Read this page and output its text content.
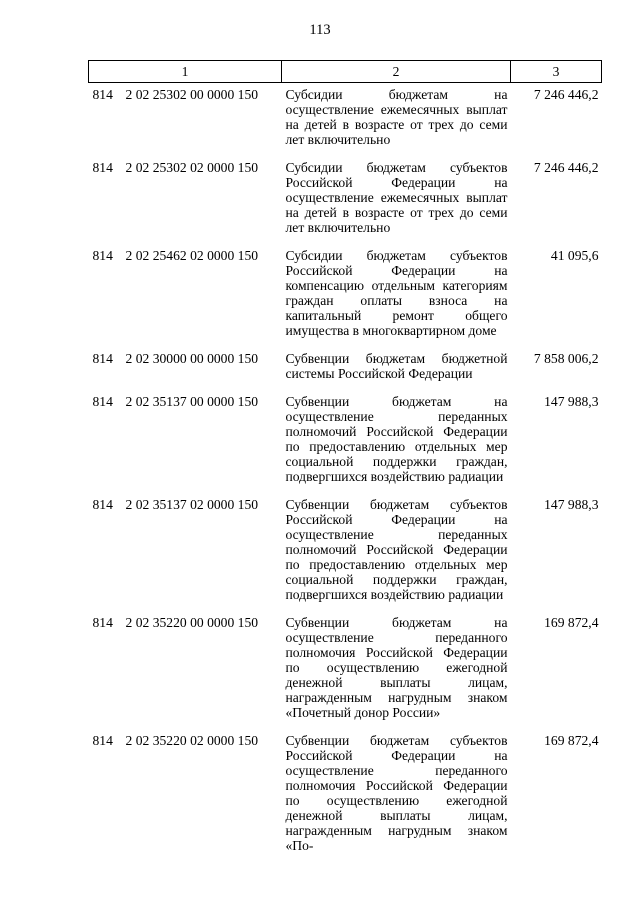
113
1	2	3

814 2 02 25302 00 0000 150	Субсидии бюджетам на осуществление ежемесячных выплат на детей в возрасте от трех до семи лет включительно	7 246 446,2
814 2 02 25302 02 0000 150	Субсидии бюджетам субъектов Российской Федерации на осуществление ежемесячных выплат на детей в возрасте от трех до семи лет включительно	7 246 446,2
814 2 02 25462 02 0000 150	Субсидии бюджетам субъектов Российской Федерации на компенсацию отдельным категориям граждан оплаты взноса на капитальный ремонт общего имущества в многоквартирном доме	41 095,6
814 2 02 30000 00 0000 150	Субвенции бюджетам бюджетной системы Российской Федерации	7 858 006,2
814 2 02 35137 00 0000 150	Субвенции бюджетам на осуществление переданных полномочий Российской Федерации по предоставлению отдельных мер социальной поддержки граждан, подвергшихся воздействию радиации	147 988,3
814 2 02 35137 02 0000 150	Субвенции бюджетам субъектов Российской Федерации на осуществление переданных полномочий Российской Федерации по предоставлению отдельных мер социальной поддержки граждан, подвергшихся воздействию радиации	147 988,3
814 2 02 35220 00 0000 150	Субвенции бюджетам на осуществление переданного полномочия Российской Федерации по осуществлению ежегодной денежной выплаты лицам, награжденным нагрудным знаком «Почетный донор России»	169 872,4
814 2 02 35220 02 0000 150	Субвенции бюджетам субъектов Российской Федерации на осуществление переданного полномочия Российской Федерации по осуществлению ежегодной денежной выплаты лицам, награжденным нагрудным знаком «По-	169 872,4
